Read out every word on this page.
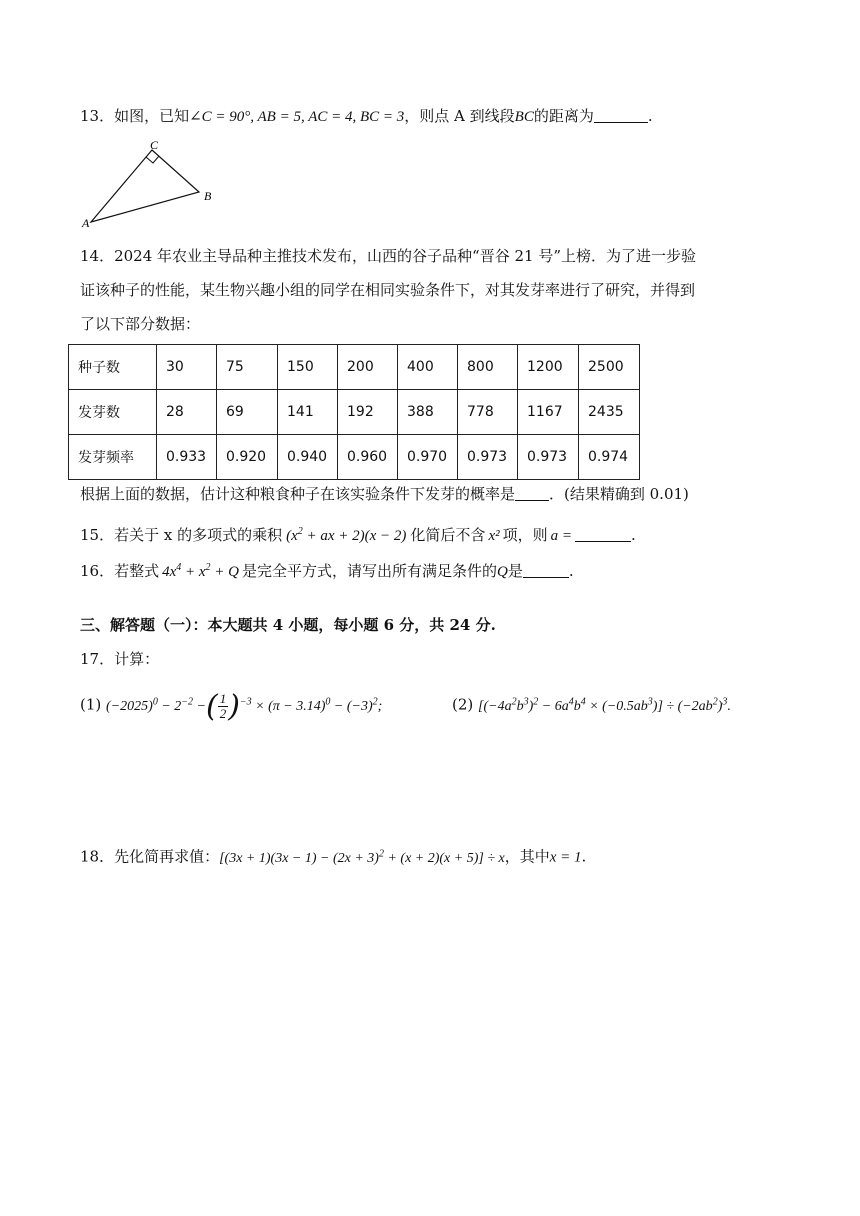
13．如图，已知∠C = 90°, AB = 5, AC = 4, BC = 3，则点 A 到线段BC的距离为	.
C
A
B
14．2024 年农业主导品种主推技术发布，山西的谷子品种“晋谷 21 号”上榜．为了进一步验
证该种子的性能，某生物兴趣小组的同学在相同实验条件下，对其发芽率进行了研究，并得到
了以下部分数据：
种子数	30	75	150	200	400	800	1200	2500
发芽数	28	69	141	192	388	778	1167	2435
发芽频率	0.933	0.920	0.940	0.960	0.970	0.973	0.973	0.974
根据上面的数据，估计这种粮食种子在该实验条件下发芽的概率是 ．(结果精确到 0.01)
15．若关于 x 的多项式的乘积 ($x^2$ + ax + 2)(x − 2) 化简后不含 x² 项，则 a =	.
16．若整式 $4x^4 + x^2 + Q$ 是完全平方式，请写出所有满足条件的Q是	.
三、解答题（一）：本大题共 4 小题，每小题 6 分，共 24 分.
17．计算：
(1) $(-2025)^0 - 2^{-2}$ −( $\frac{1}{2} )^{-3} \times (\pi - 3.14)^0 - (-3)^2$;	(2) $[(-4a^2b^3)^2 - 6a^4b^4 \times (-0.5ab^3)] \div (-2ab^2)^3$.
18．先化简再求值：$[(3x + 1)(3x - 1) - (2x + 3)^2 + (x + 2)(x + 5)] \div x$，其中x = 1.
